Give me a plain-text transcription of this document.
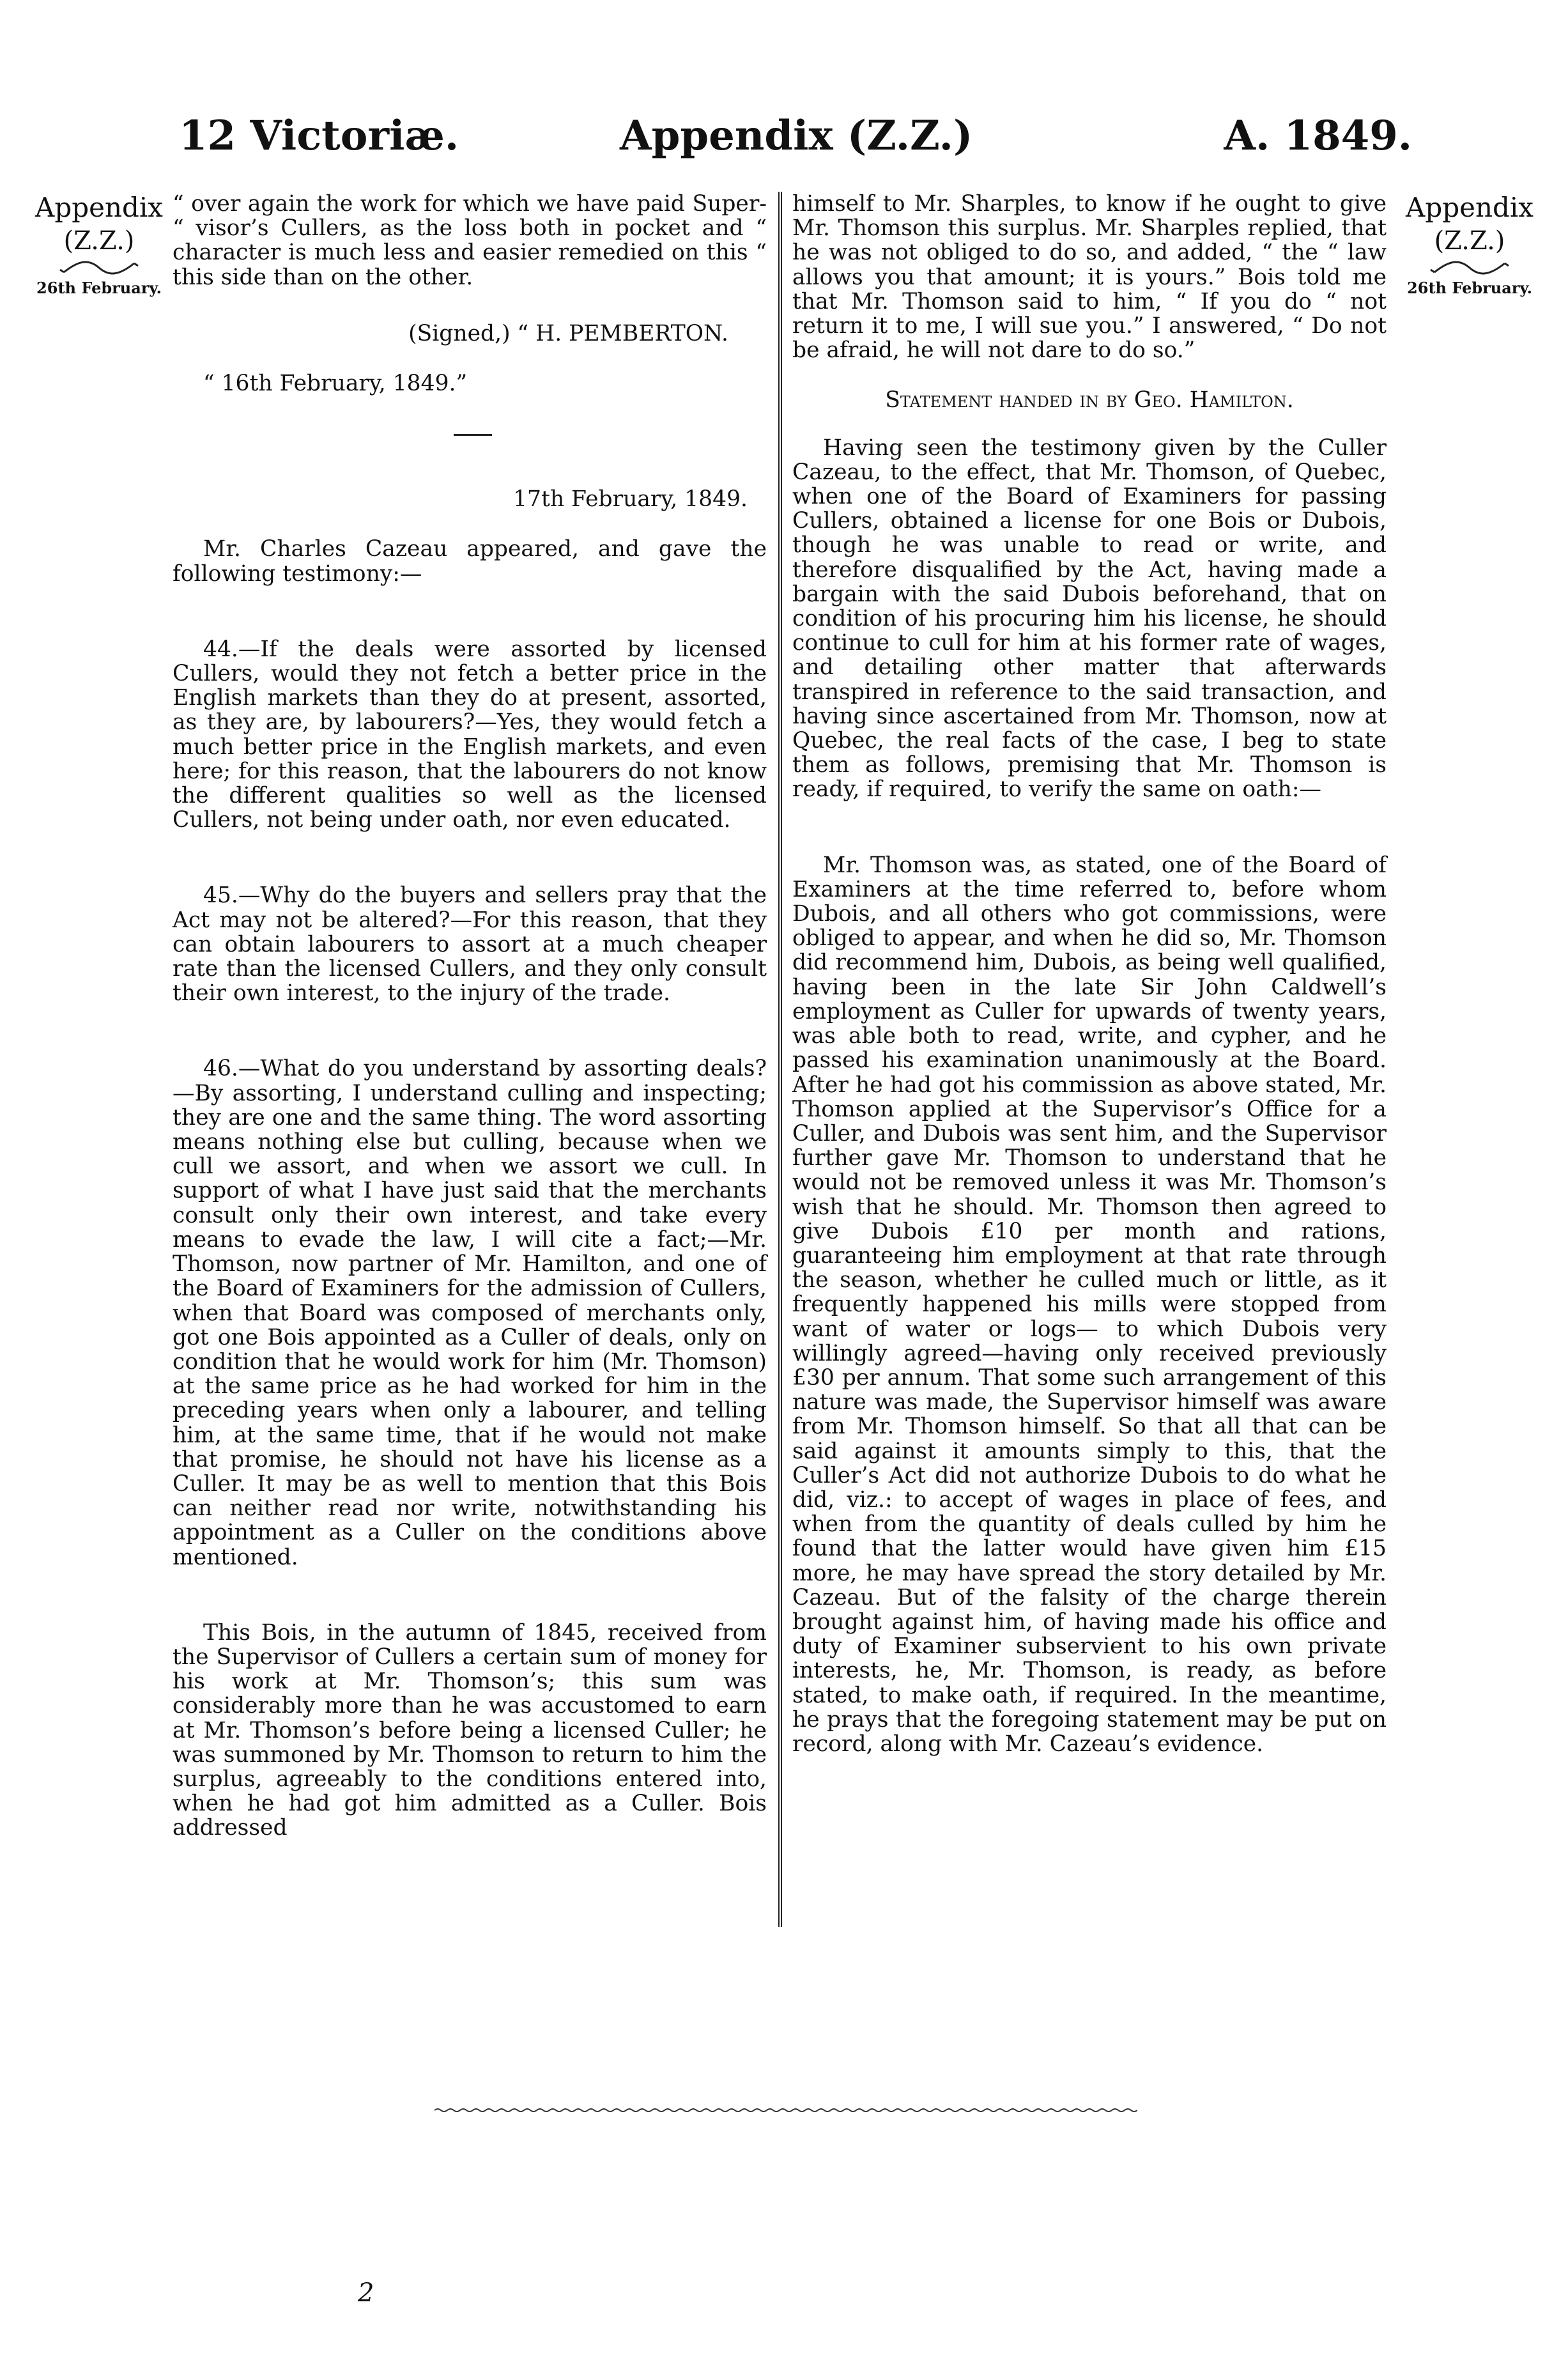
12 Victoriæ.	Appendix (Z.Z.)	A. 1849.
Appendix
(Z.Z.)
26th February.
Appendix
(Z.Z.)
26th February.

“ over again the work for which we have paid Super- “ visor’s Cullers, as the loss both in pocket and “ character is much less and easier remedied on this “ this side than on the other.

(Signed,) “ H. PEMBERTON.

“ 16th February, 1849.”

17th February, 1849.

Mr. Charles Cazeau appeared, and gave the following testimony:—

44.—If the deals were assorted by licensed Cullers, would they not fetch a better price in the English markets than they do at present, assorted, as they are, by labourers?—Yes, they would fetch a much better price in the English markets, and even here; for this reason, that the labourers do not know the different qualities so well as the licensed Cullers, not being under oath, nor even educated.

45.—Why do the buyers and sellers pray that the Act may not be altered?—For this reason, that they can obtain labourers to assort at a much cheaper rate than the licensed Cullers, and they only consult their own interest, to the injury of the trade.

46.—What do you understand by assorting deals? —By assorting, I understand culling and inspecting; they are one and the same thing. The word assorting means nothing else but culling, because when we cull we assort, and when we assort we cull. In support of what I have just said that the merchants consult only their own interest, and take every means to evade the law, I will cite a fact;—Mr. Thomson, now partner of Mr. Hamilton, and one of the Board of Examiners for the admission of Cullers, when that Board was composed of merchants only, got one Bois appointed as a Culler of deals, only on condition that he would work for him (Mr. Thomson) at the same price as he had worked for him in the preceding years when only a labourer, and telling him, at the same time, that if he would not make that promise, he should not have his license as a Culler. It may be as well to mention that this Bois can neither read nor write, notwithstanding his appointment as a Culler on the conditions above mentioned.

This Bois, in the autumn of 1845, received from the Supervisor of Cullers a certain sum of money for his work at Mr. Thomson’s; this sum was considerably more than he was accustomed to earn at Mr. Thomson’s before being a licensed Culler; he was summoned by Mr. Thomson to return to him the surplus, agreeably to the conditions entered into, when he had got him admitted as a Culler. Bois addressed

himself to Mr. Sharples, to know if he ought to give Mr. Thomson this surplus. Mr. Sharples replied, that he was not obliged to do so, and added, “ the “ law allows you that amount; it is yours.” Bois told me that Mr. Thomson said to him, “ If you do “ not return it to me, I will sue you.” I answered, “ Do not be afraid, he will not dare to do so.”

Statement handed in by Geo. Hamilton.

Having seen the testimony given by the Culler Cazeau, to the effect, that Mr. Thomson, of Quebec, when one of the Board of Examiners for passing Cullers, obtained a license for one Bois or Dubois, though he was unable to read or write, and therefore disqualified by the Act, having made a bargain with the said Dubois beforehand, that on condition of his procuring him his license, he should continue to cull for him at his former rate of wages, and detailing other matter that afterwards transpired in reference to the said transaction, and having since ascertained from Mr. Thomson, now at Quebec, the real facts of the case, I beg to state them as follows, premising that Mr. Thomson is ready, if required, to verify the same on oath:—

Mr. Thomson was, as stated, one of the Board of Examiners at the time referred to, before whom Dubois, and all others who got commissions, were obliged to appear, and when he did so, Mr. Thomson did recommend him, Dubois, as being well qualified, having been in the late Sir John Caldwell’s employment as Culler for upwards of twenty years, was able both to read, write, and cypher, and he passed his examination unanimously at the Board. After he had got his commission as above stated, Mr. Thomson applied at the Supervisor’s Office for a Culler, and Dubois was sent him, and the Supervisor further gave Mr. Thomson to understand that he would not be removed unless it was Mr. Thomson’s wish that he should. Mr. Thomson then agreed to give Dubois £10 per month and rations, guaranteeing him employment at that rate through the season, whether he culled much or little, as it frequently happened his mills were stopped from want of water or logs— to which Dubois very willingly agreed—having only received previously £30 per annum. That some such arrangement of this nature was made, the Supervisor himself was aware from Mr. Thomson himself. So that all that can be said against it amounts simply to this, that the Culler’s Act did not authorize Dubois to do what he did, viz.: to accept of wages in place of fees, and when from the quantity of deals culled by him he found that the latter would have given him £15 more, he may have spread the story detailed by Mr. Cazeau. But of the falsity of the charge therein brought against him, of having made his office and duty of Examiner subservient to his own private interests, he, Mr. Thomson, is ready, as before stated, to make oath, if required. In the meantime, he prays that the foregoing statement may be put on record, along with Mr. Cazeau’s evidence.

2
